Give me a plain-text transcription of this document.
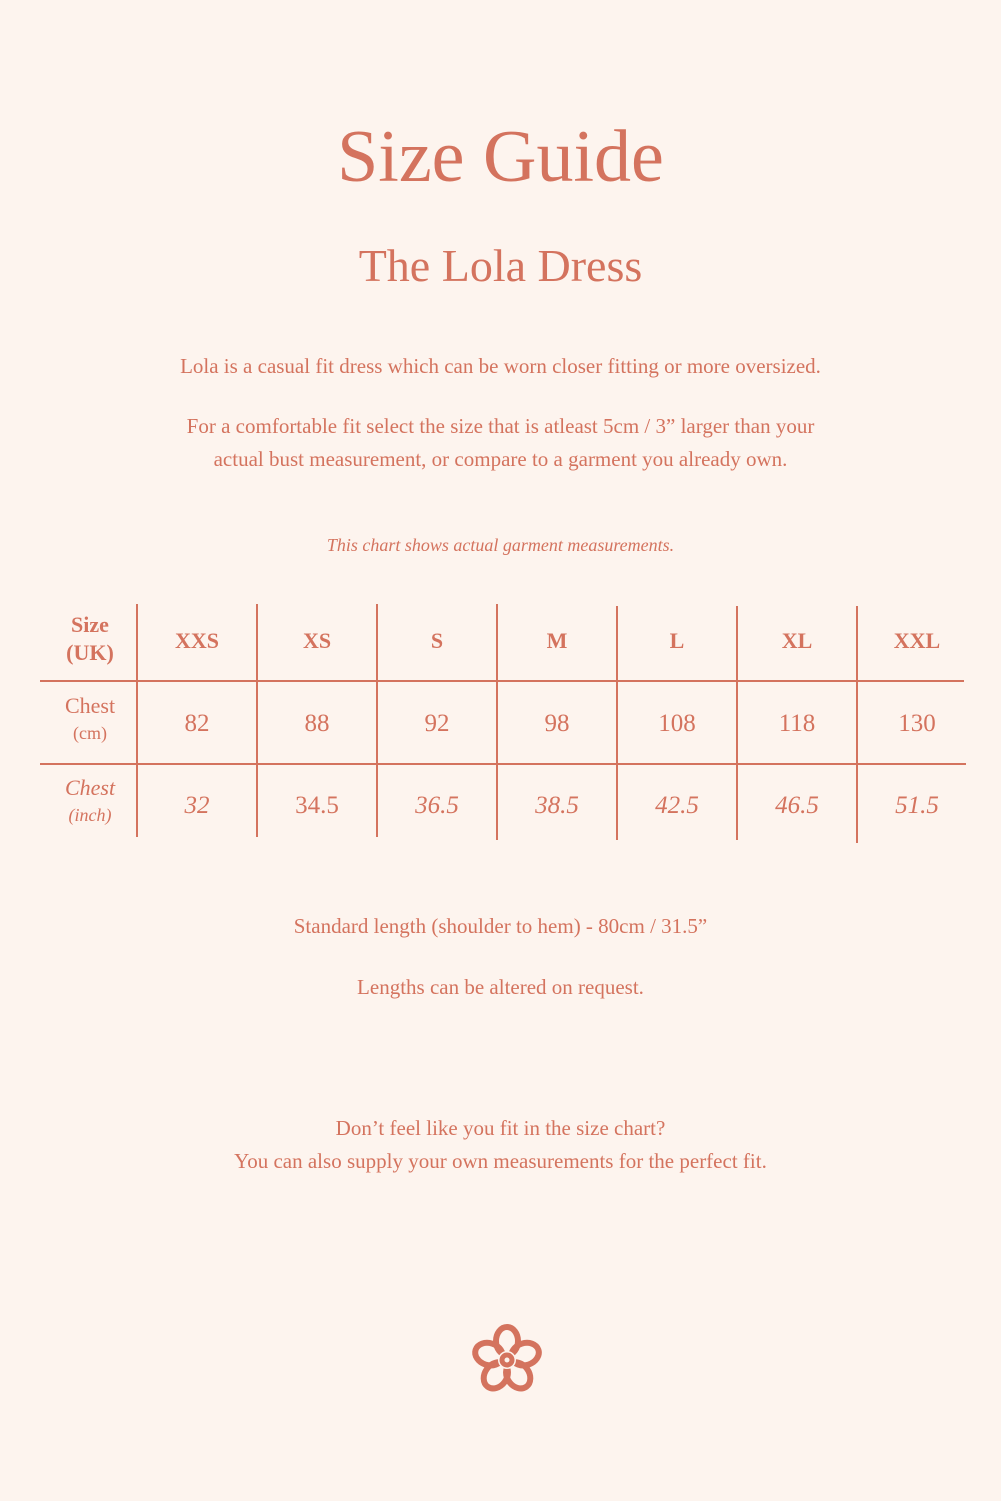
Size Guide
The Lola Dress
Lola is a casual fit dress which can be worn closer fitting or more oversized.
For a comfortable fit select the size that is atleast 5cm / 3” larger than your
actual bust measurement, or compare to a garment you already own.
This chart shows actual garment measurements.
Size
(UK)	XXS	XS	S	M	L	XL	XXL
Chest
(cm)	82	88	92	98	108	118	130
Chest
(inch)	32	34.5	36.5	38.5	42.5	46.5	51.5
Standard length (shoulder to hem) - 80cm / 31.5”
Lengths can be altered on request.
Don’t feel like you fit in the size chart?
You can also supply your own measurements for the perfect fit.
